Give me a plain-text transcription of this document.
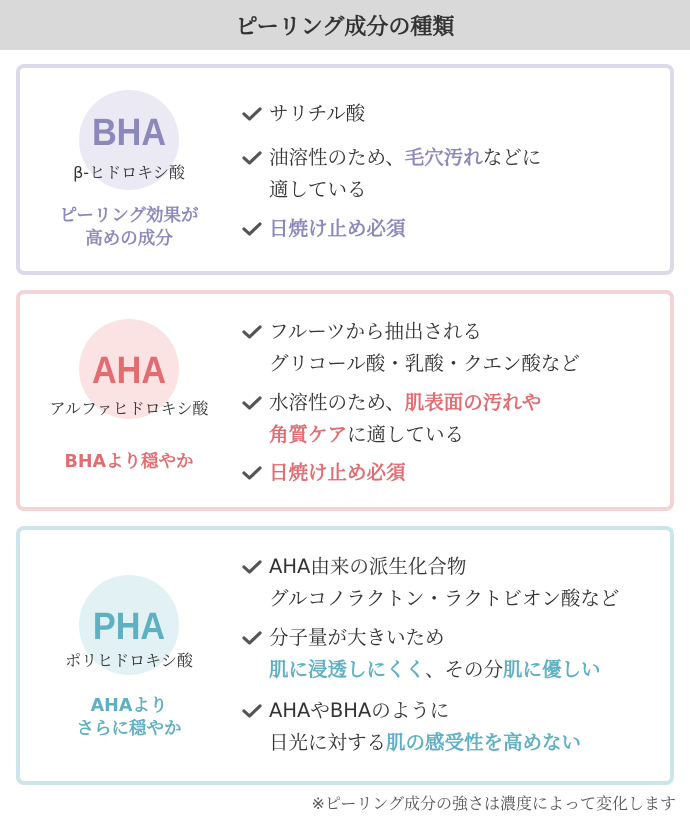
ピーリング成分の種類
BHA
β-ヒドロキシ酸
ピーリング効果が
高めの成分
サリチル酸
油溶性のため、毛穴汚れなどに
適している
日焼け止め必須
AHA
アルファヒドロキシ酸
BHAより穏やか
フルーツから抽出される
グリコール酸・乳酸・クエン酸など
水溶性のため、肌表面の汚れや
角質ケアに適している
日焼け止め必須
PHA
ポリヒドロキシ酸
AHAより
さらに穏やか
AHA由来の派生化合物
グルコノラクトン・ラクトビオン酸など
分子量が大きいため
肌に浸透しにくく、その分肌に優しい
AHAやBHAのように
日光に対する肌の感受性を高めない
※ピーリング成分の強さは濃度によって変化します
